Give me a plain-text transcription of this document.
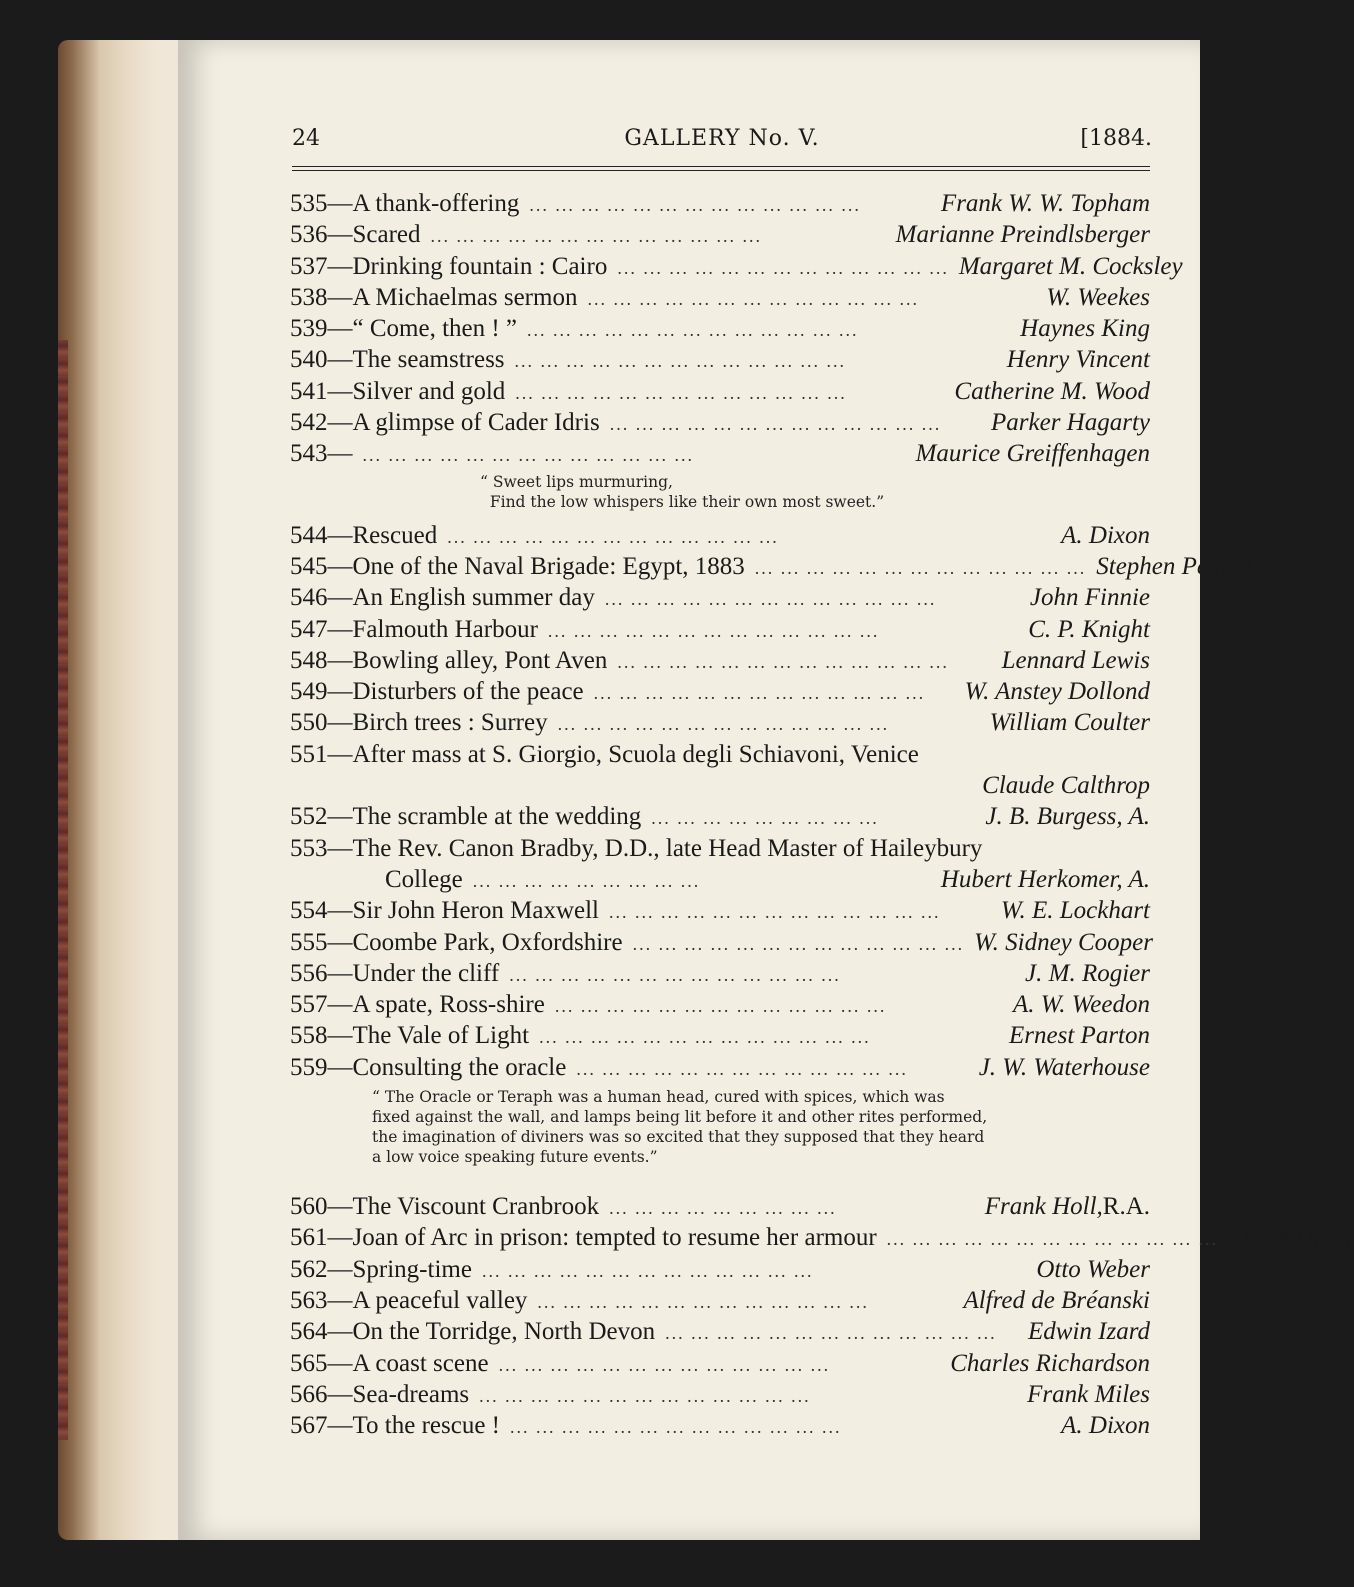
24	GALLERY No. V.	[1884.
535— A thank-offering ... ... ... ... ... ... ... ... ... ... ... ... ...	Frank W. W. Topham
536— Scared ... ... ... ... ... ... ... ... ... ... ... ... ...	Marianne Preindlsberger
537— Drinking fountain : Cairo ... ... ... ... ... ... ... ... ... ... ... ... ... Margaret M. Cocksley
538— A Michaelmas sermon ... ... ... ... ... ... ... ... ... ... ... ... ...	W. Weekes
539— “ Come, then ! ” ... ... ... ... ... ... ... ... ... ... ... ... ...	Haynes King
540— The seamstress ... ... ... ... ... ... ... ... ... ... ... ... ...	Henry Vincent
541— Silver and gold ... ... ... ... ... ... ... ... ... ... ... ... ...	Catherine M. Wood
542— A glimpse of Cader Idris ... ... ... ... ... ... ... ... ... ... ... ... ...	Parker Hagarty
543— ... ... ... ... ... ... ... ... ... ... ... ... ...	Maurice Greiffenhagen
“ Sweet lips murmuring,
Find the low whispers like their own most sweet.”
544— Rescued ... ... ... ... ... ... ... ... ... ... ... ... ...	A. Dixon
545— One of the Naval Brigade: Egypt, 1883 ... ... ... ... ... ... ... ... ... ... ... ... ... Stephen Pearce
546— An English summer day ... ... ... ... ... ... ... ... ... ... ... ... ...	John Finnie
547— Falmouth Harbour ... ... ... ... ... ... ... ... ... ... ... ... ...	C. P. Knight
548— Bowling alley, Pont Aven ... ... ... ... ... ... ... ... ... ... ... ... ...	Lennard Lewis
549— Disturbers of the peace ... ... ... ... ... ... ... ... ... ... ... ... ...	W. Anstey Dollond
550— Birch trees : Surrey ... ... ... ... ... ... ... ... ... ... ... ... ...	William Coulter
551— After mass at S. Giorgio, Scuola degli Schiavoni, Venice
Claude Calthrop
552— The scramble at the wedding ... ... ... ... ... ... ... ... ...	J. B. Burgess, A.
553— The Rev. Canon Bradby, D.D., late Head Master of Haileybury
College ... ... ... ... ... ... ... ... ...	Hubert Herkomer, A.
554— Sir John Heron Maxwell ... ... ... ... ... ... ... ... ... ... ... ... ...	W. E. Lockhart
555— Coombe Park, Oxfordshire ... ... ... ... ... ... ... ... ... ... ... ... ... W. Sidney Cooper
556— Under the cliff ... ... ... ... ... ... ... ... ... ... ... ... ...	J. M. Rogier
557— A spate, Ross-shire ... ... ... ... ... ... ... ... ... ... ... ... ...	A. W. Weedon
558— The Vale of Light ... ... ... ... ... ... ... ... ... ... ... ... ...	Ernest Parton
559— Consulting the oracle ... ... ... ... ... ... ... ... ... ... ... ... ...	J. W. Waterhouse
“ The Oracle or Teraph was a human head, cured with spices, which was
fixed against the wall, and lamps being lit before it and other rites performed,
the imagination of diviners was so excited that they supposed that they heard
a low voice speaking future events.”
560— The Viscount Cranbrook ... ... ... ... ... ... ... ... ...	Frank Holl, R.A.
561— Joan of Arc in prison: tempted to resume her armour ... ... ... ... ... ... ... ... ... ... ... ... ... Frank Dicey
562— Spring-time ... ... ... ... ... ... ... ... ... ... ... ... ...	Otto Weber
563— A peaceful valley ... ... ... ... ... ... ... ... ... ... ... ... ...	Alfred de Bréanski
564— On the Torridge, North Devon ... ... ... ... ... ... ... ... ... ... ... ... ...	Edwin Izard
565— A coast scene ... ... ... ... ... ... ... ... ... ... ... ... ...	Charles Richardson
566— Sea-dreams ... ... ... ... ... ... ... ... ... ... ... ... ...	Frank Miles
567— To the rescue ! ... ... ... ... ... ... ... ... ... ... ... ... ...	A. Dixon
